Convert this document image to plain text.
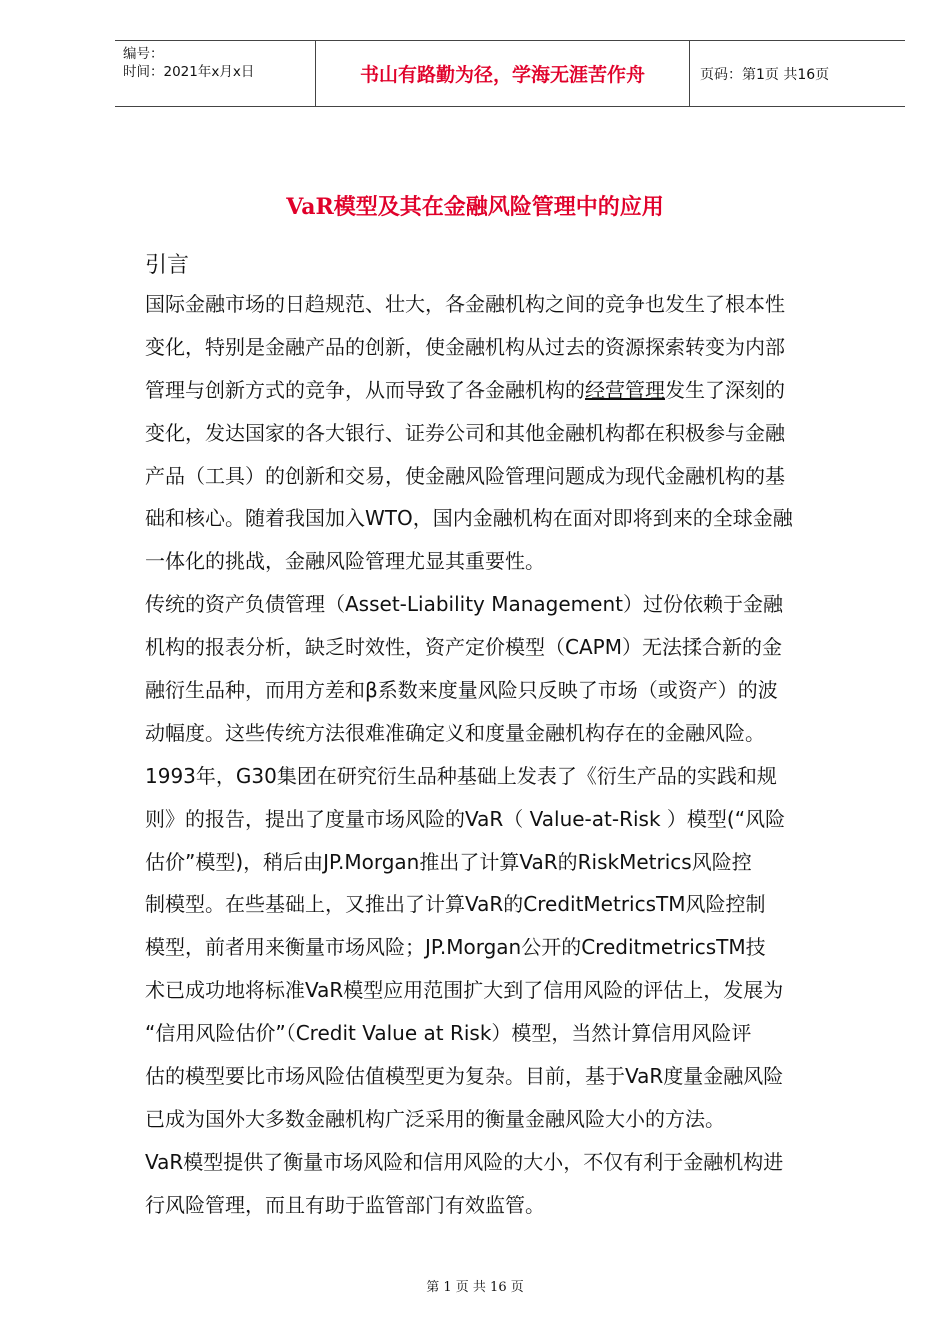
编号：
时间：2021年x月x日	书山有路勤为径，学海无涯苦作舟	页码：第1页 共16页
VaR模型及其在金融风险管理中的应用
引言

国际金融市场的日趋规范、壮大，各金融机构之间的竞争也发生了根本性
变化，特别是金融产品的创新，使金融机构从过去的资源探索转变为内部
管理与创新方式的竞争，从而导致了各金融机构的经营管理发生了深刻的
变化，发达国家的各大银行、证券公司和其他金融机构都在积极参与金融
产品（工具）的创新和交易，使金融风险管理问题成为现代金融机构的基
础和核心。随着我国加入WTO，国内金融机构在面对即将到来的全球金融
一体化的挑战，金融风险管理尤显其重要性。

传统的资产负债管理（Asset-Liability Management）过份依赖于金融
机构的报表分析，缺乏时效性，资产定价模型（CAPM）无法揉合新的金
融衍生品种，而用方差和β系数来度量风险只反映了市场（或资产）的波
动幅度。这些传统方法很难准确定义和度量金融机构存在的金融风险。

1993年，G30集团在研究衍生品种基础上发表了《衍生产品的实践和规
则》的报告，提出了度量市场风险的VaR（ Value-at-Risk ）模型(“风险
估价”模型)，稍后由JP.Morgan推出了计算VaR的RiskMetrics风险控
制模型。在些基础上，又推出了计算VaR的CreditMetricsTM风险控制
模型，前者用来衡量市场风险；JP.Morgan公开的CreditmetricsTM技
术已成功地将标准VaR模型应用范围扩大到了信用风险的评估上，发展为
“信用风险估价”（Credit Value at Risk）模型，当然计算信用风险评
估的模型要比市场风险估值模型更为复杂。目前，基于VaR度量金融风险
已成为国外大多数金融机构广泛采用的衡量金融风险大小的方法。

VaR模型提供了衡量市场风险和信用风险的大小，不仅有利于金融机构进
行风险管理，而且有助于监管部门有效监管。

第 1 页 共 16 页
